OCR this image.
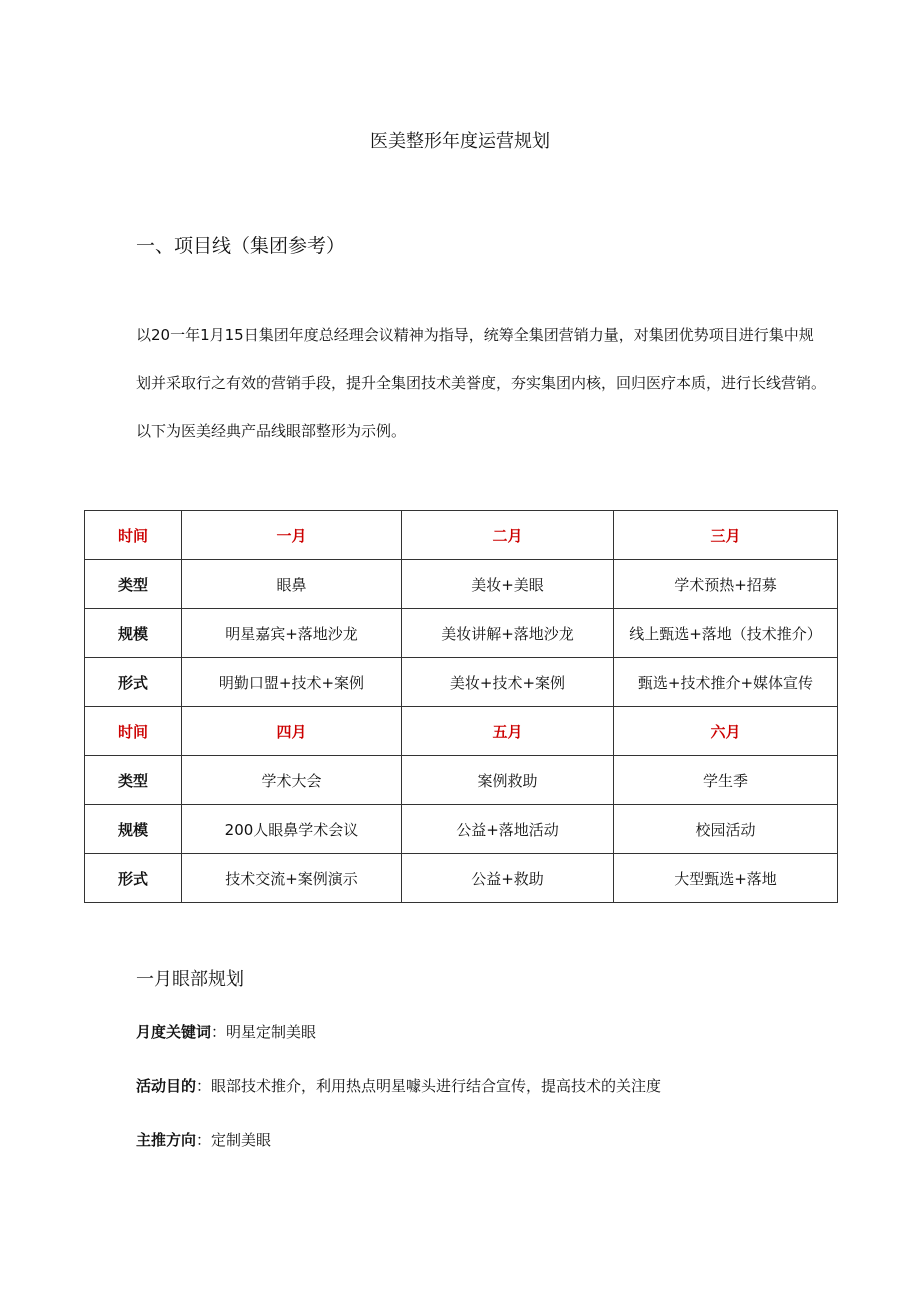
医美整形年度运营规划
一、项目线（集团参考）

以20一年1月15日集团年度总经理会议精神为指导，统筹全集团营销力量，对集团优势项目进行集中规

划并采取行之有效的营销手段，提升全集团技术美誉度，夯实集团内核，回归医疗本质，进行长线营销。

以下为医美经典产品线眼部整形为示例。

时间	一月	二月	三月
类型	眼鼻	美妆+美眼	学术预热+招募
规模	明星嘉宾+落地沙龙	美妆讲解+落地沙龙	线上甄选+落地（技术推介）
形式	明勤口盟+技术+案例	美妆+技术+案例	甄选+技术推介+媒体宣传
时间	四月	五月	六月
类型	学术大会	案例救助	学生季
规模	200人眼鼻学术会议	公益+落地活动	校园活动
形式	技术交流+案例演示	公益+救助	大型甄选+落地
一月眼部规划
月度关键词：明星定制美眼
活动目的：眼部技术推介，利用热点明星噱头进行结合宣传，提高技术的关注度
主推方向：定制美眼
